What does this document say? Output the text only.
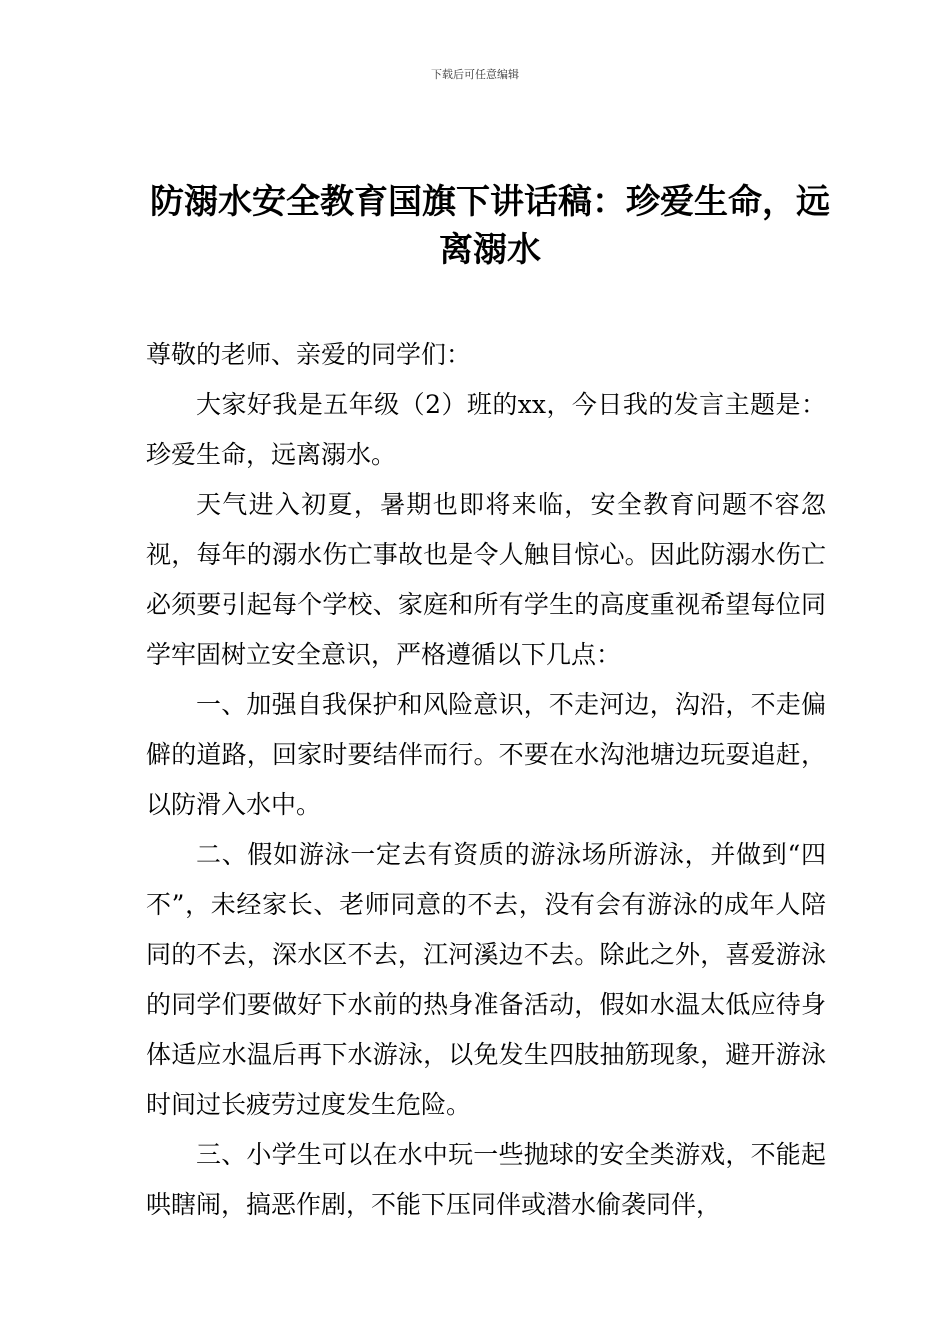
下载后可任意编辑
防溺水安全教育国旗下讲话稿：珍爱生命，远离溺水

尊敬的老师、亲爱的同学们：

大家好我是五年级（2）班的xx，今日我的发言主题是：珍爱生命，远离溺水。

天气进入初夏，暑期也即将来临，安全教育问题不容忽视，每年的溺水伤亡事故也是令人触目惊心。因此防溺水伤亡必须要引起每个学校、家庭和所有学生的高度重视希望每位同学牢固树立安全意识，严格遵循以下几点：

一、加强自我保护和风险意识，不走河边，沟沿，不走偏僻的道路，回家时要结伴而行。不要在水沟池塘边玩耍追赶，以防滑入水中。

二、假如游泳一定去有资质的游泳场所游泳，并做到“四不”，未经家长、老师同意的不去，没有会有游泳的成年人陪同的不去，深水区不去，江河溪边不去。除此之外，喜爱游泳的同学们要做好下水前的热身准备活动，假如水温太低应待身体适应水温后再下水游泳，以免发生四肢抽筋现象，避开游泳时间过长疲劳过度发生危险。

三、小学生可以在水中玩一些抛球的安全类游戏，不能起哄瞎闹，搞恶作剧，不能下压同伴或潜水偷袭同伴，
